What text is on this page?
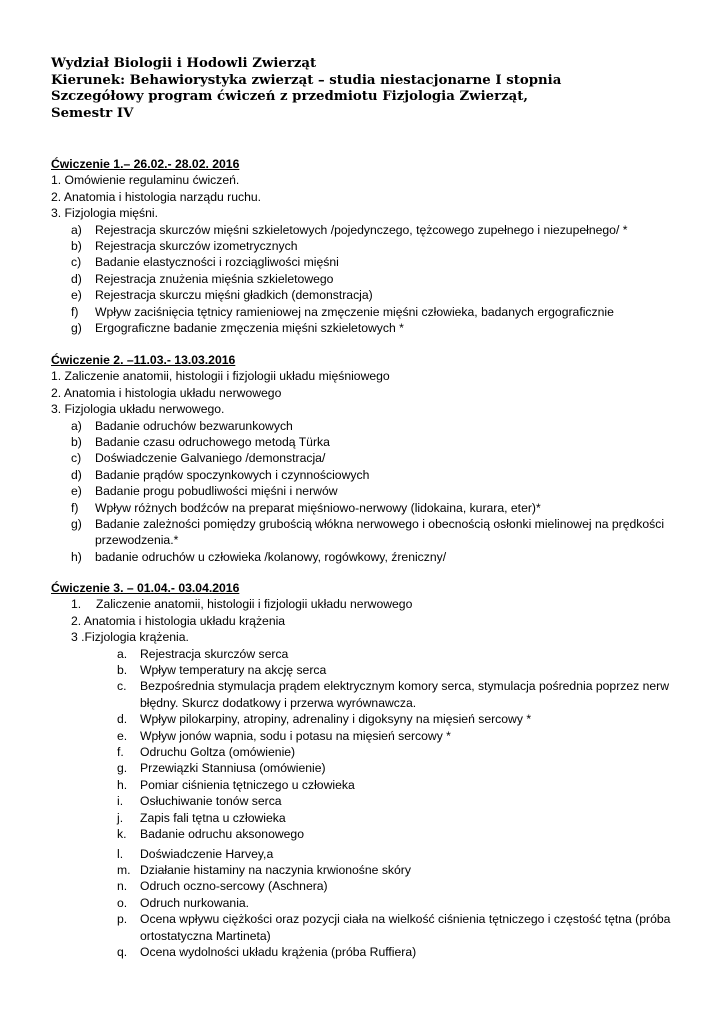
Wydział Biologii i Hodowli Zwierząt
Kierunek: Behawiorystyka zwierząt – studia niestacjonarne I stopnia
Szczegółowy program ćwiczeń z przedmiotu Fizjologia Zwierząt,
Semestr IV
Ćwiczenie 1.– 26.02.- 28.02. 2016
1. Omówienie regulaminu ćwiczeń.
2. Anatomia i histologia narządu ruchu.
3. Fizjologia mięśni.
a)	Rejestracja skurczów mięśni szkieletowych /pojedynczego, tężcowego zupełnego i niezupełnego/ *
b)	Rejestracja skurczów izometrycznych
c)	Badanie elastyczności i rozciągliwości mięśni
d)	Rejestracja znużenia mięśnia szkieletowego
e)	Rejestracja skurczu mięśni gładkich (demonstracja)
f)	Wpływ zaciśnięcia tętnicy ramieniowej na zmęczenie mięśni człowieka, badanych ergograficznie
g)	Ergograficzne badanie zmęczenia mięśni szkieletowych *
Ćwiczenie 2. –11.03.- 13.03.2016
1. Zaliczenie anatomii, histologii i fizjologii układu mięśniowego
2. Anatomia i histologia układu nerwowego
3. Fizjologia układu nerwowego.
a)	Badanie odruchów bezwarunkowych
b)	Badanie czasu odruchowego metodą Türka
c)	Doświadczenie Galvaniego /demonstracja/
d)	Badanie prądów spoczynkowych i czynnościowych
e)	Badanie progu pobudliwości mięśni i nerwów
f)	Wpływ różnych bodźców na preparat mięśniowo-nerwowy (lidokaina, kurara, eter)*
g)	Badanie zależności pomiędzy grubością włókna nerwowego i obecnością osłonki mielinowej na prędkości przewodzenia.*
h)	badanie odruchów u człowieka /kolanowy, rogówkowy, źreniczny/
Ćwiczenie 3. – 01.04.- 03.04.2016
1.	Zaliczenie anatomii, histologii i fizjologii układu nerwowego
2. Anatomia i histologia układu krążenia
3 .Fizjologia krążenia.
a.	Rejestracja skurczów serca
b.	Wpływ temperatury na akcję serca
c.	Bezpośrednia stymulacja prądem elektrycznym komory serca, stymulacja pośrednia poprzez nerw błędny. Skurcz dodatkowy i przerwa wyrównawcza.
d.	Wpływ pilokarpiny, atropiny, adrenaliny i digoksyny na mięsień sercowy *
e.	Wpływ jonów wapnia, sodu i potasu na mięsień sercowy *
f.	Odruchu Goltza (omówienie)
g.	Przewiązki Stanniusa (omówienie)
h.	Pomiar ciśnienia tętniczego u człowieka
i.	Osłuchiwanie tonów serca
j.	Zapis fali tętna u człowieka
k.	Badanie odruchu aksonowego
l.	Doświadczenie Harvey,a
m. Działanie histaminy na naczynia krwionośne skóry
n.	Odruch oczno-sercowy (Aschnera)
o.	Odruch nurkowania.
p.	Ocena wpływu ciężkości oraz pozycji ciała na wielkość ciśnienia tętniczego i częstość tętna (próba ortostatyczna Martineta)
q.	Ocena wydolności układu krążenia (próba Ruffiera)
